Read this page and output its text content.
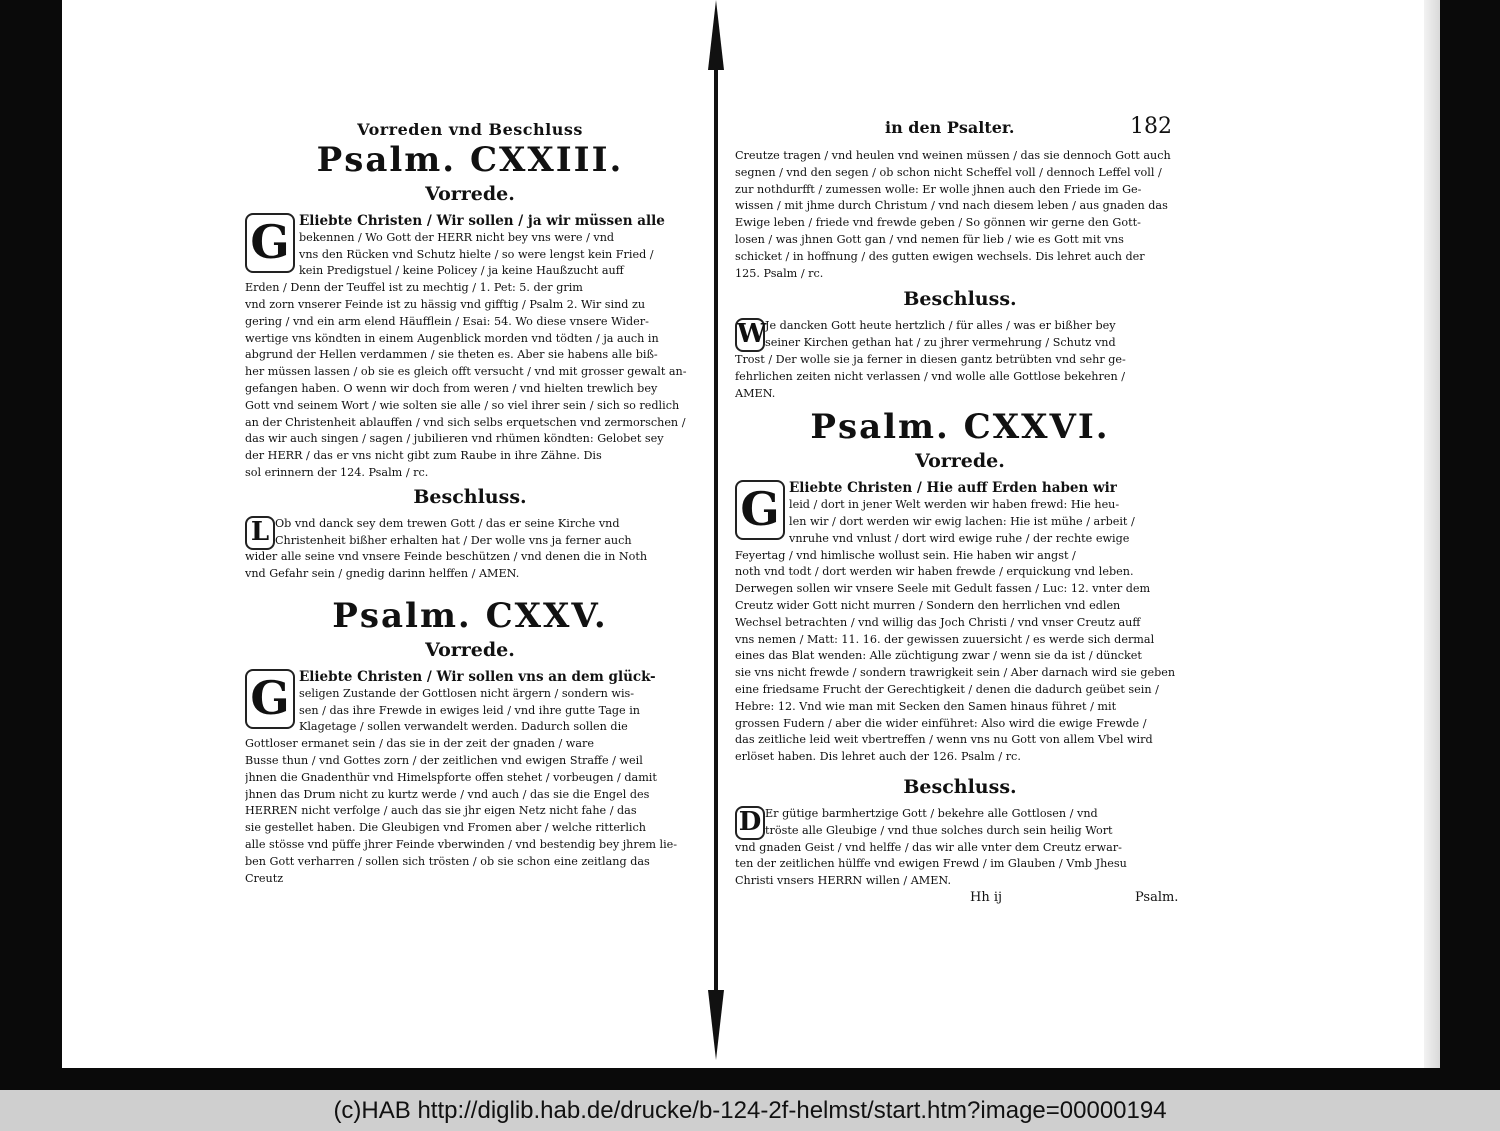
Vorreden vnd Beschluss
Psalm. CXXIII.
Vorrede.
G Eliebte Christen / Wir sollen / ja wir müssen alle

bekennen / Wo Gott der HERR nicht bey vns were / vnd

vns den Rücken vnd Schutz hielte / so were lengst kein Fried /

kein Predigstuel / keine Policey / ja keine Haußzucht auff

Erden / Denn der Teuffel ist zu mechtig / 1. Pet: 5. der grim

vnd zorn vnserer Feinde ist zu hässig vnd gifftig / Psalm 2. Wir sind zu

gering / vnd ein arm elend Häufflein / Esai: 54. Wo diese vnsere Wider-

wertige vns köndten in einem Augenblick morden vnd tödten / ja auch in

abgrund der Hellen verdammen / sie theten es. Aber sie habens alle biß-

her müssen lassen / ob sie es gleich offt versucht / vnd mit grosser gewalt an-

gefangen haben. O wenn wir doch from weren / vnd hielten trewlich bey

Gott vnd seinem Wort / wie solten sie alle / so viel ihrer sein / sich so redlich

an der Christenheit ablauffen / vnd sich selbs erquetschen vnd zermorschen /

das wir auch singen / sagen / jubilieren vnd rhümen köndten: Gelobet sey

der HERR / das er vns nicht gibt zum Raube in ihre Zähne. Dis

sol erinnern der 124. Psalm / rc.

Beschluss.
L Ob vnd danck sey dem trewen Gott / das er seine Kirche vnd

Christenheit bißher erhalten hat / Der wolle vns ja ferner auch

wider alle seine vnd vnsere Feinde beschützen / vnd denen die in Noth

vnd Gefahr sein / gnedig darinn helffen / AMEN.

Psalm. CXXV.
Vorrede.
G Eliebte Christen / Wir sollen vns an dem glück-

seligen Zustande der Gottlosen nicht ärgern / sondern wis-

sen / das ihre Frewde in ewiges leid / vnd ihre gutte Tage in

Klagetage / sollen verwandelt werden. Dadurch sollen die

Gottloser ermanet sein / das sie in der zeit der gnaden / ware

Busse thun / vnd Gottes zorn / der zeitlichen vnd ewigen Straffe / weil

jhnen die Gnadenthür vnd Himelspforte offen stehet / vorbeugen / damit

jhnen das Drum nicht zu kurtz werde / vnd auch / das sie die Engel des

HERREN nicht verfolge / auch das sie jhr eigen Netz nicht fahe / das

sie gestellet haben. Die Gleubigen vnd Fromen aber / welche ritterlich

alle stösse vnd püffe jhrer Feinde vberwinden / vnd bestendig bey jhrem lie-

ben Gott verharren / sollen sich trösten / ob sie schon eine zeitlang das

Creutz

in den Psalter.	182

Creutze tragen / vnd heulen vnd weinen müssen / das sie dennoch Gott auch

segnen / vnd den segen / ob schon nicht Scheffel voll / dennoch Leffel voll /

zur nothdurfft / zumessen wolle: Er wolle jhnen auch den Friede im Ge-

wissen / mit jhme durch Christum / vnd nach diesem leben / aus gnaden das

Ewige leben / friede vnd frewde geben / So gönnen wir gerne den Gott-

losen / was jhnen Gott gan / vnd nemen für lieb / wie es Gott mit vns

schicket / in hoffnung / des gutten ewigen wechsels. Dis lehret auch der

125. Psalm / rc.

Beschluss.
W

Je dancken Gott heute hertzlich / für alles / was er bißher bey

seiner Kirchen gethan hat / zu jhrer vermehrung / Schutz vnd

Trost / Der wolle sie ja ferner in diesen gantz betrübten vnd sehr ge-

fehrlichen zeiten nicht verlassen / vnd wolle alle Gottlose bekehren /

AMEN.

Psalm. CXXVI.
Vorrede.
G Eliebte Christen / Hie auff Erden haben wir

leid / dort in jener Welt werden wir haben frewd: Hie heu-

len wir / dort werden wir ewig lachen: Hie ist mühe / arbeit /

vnruhe vnd vnlust / dort wird ewige ruhe / der rechte ewige

Feyertag / vnd himlische wollust sein. Hie haben wir angst /

noth vnd todt / dort werden wir haben frewde / erquickung vnd leben.

Derwegen sollen wir vnsere Seele mit Gedult fassen / Luc: 12. vnter dem

Creutz wider Gott nicht murren / Sondern den herrlichen vnd edlen

Wechsel betrachten / vnd willig das Joch Christi / vnd vnser Creutz auff

vns nemen / Matt: 11. 16. der gewissen zuuersicht / es werde sich dermal

eines das Blat wenden: Alle züchtigung zwar / wenn sie da ist / düncket

sie vns nicht frewde / sondern trawrigkeit sein / Aber darnach wird sie geben

eine friedsame Frucht der Gerechtigkeit / denen die dadurch geübet sein /

Hebre: 12. Vnd wie man mit Secken den Samen hinaus führet / mit

grossen Fudern / aber die wider einführet: Also wird die ewige Frewde /

das zeitliche leid weit vbertreffen / wenn vns nu Gott von allem Vbel wird

erlöset haben. Dis lehret auch der 126. Psalm / rc.

Beschluss.
D Er gütige barmhertzige Gott / bekehre alle Gottlosen / vnd

tröste alle Gleubige / vnd thue solches durch sein heilig Wort

vnd gnaden Geist / vnd helffe / das wir alle vnter dem Creutz erwar-

ten der zeitlichen hülffe vnd ewigen Frewd / im Glauben / Vmb Jhesu

Christi vnsers HERRN willen / AMEN.

Hh ij	Psalm.
(c)HAB http://diglib.hab.de/drucke/b-124-2f-helmst/start.htm?image=00000194
